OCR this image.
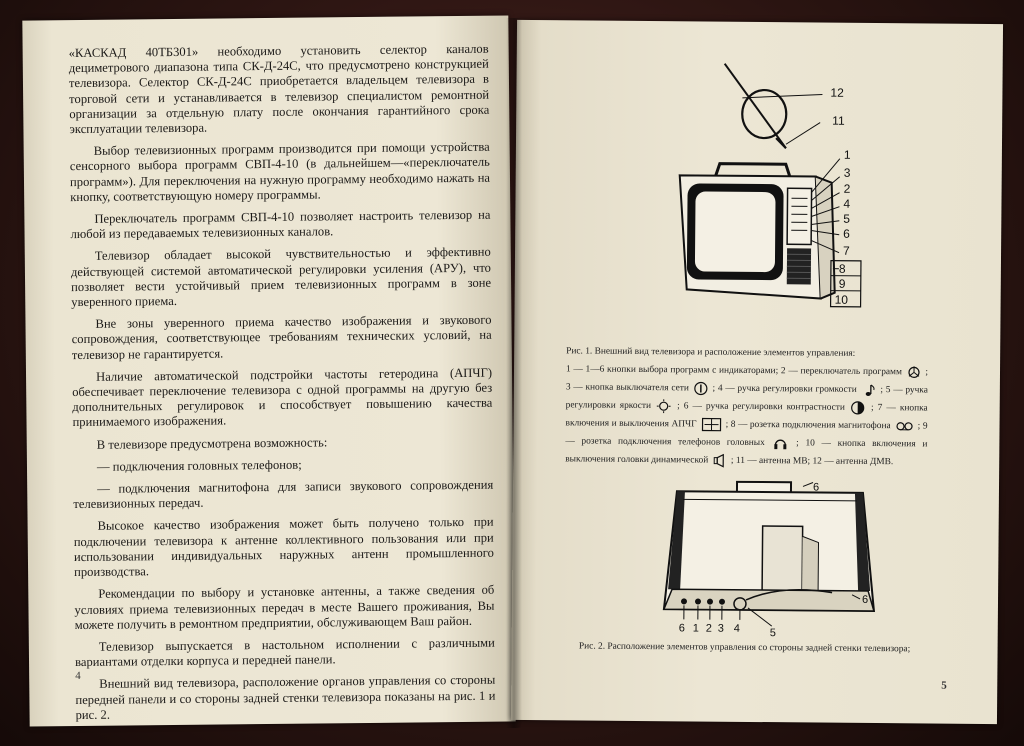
«КАСКАД 40ТБ301» необходимо установить селектор каналов дециметрового диапазона типа СК-Д-24С, что предусмотрено конструкцией телевизора. Селектор СК-Д-24С приобретается владельцем телевизора в торговой сети и устанавливается в телевизор специалистом ремонтной организации за отдельную плату после окончания гарантийного срока эксплуатации телевизора.

Выбор телевизионных программ производится при помощи устройства сенсорного выбора программ СВП-4-10 (в дальнейшем—«переключатель программ»). Для переключения на нужную программу необходимо нажать на кнопку, соответствующую номеру программы.

Переключатель программ СВП-4-10 позволяет настроить телевизор на любой из передаваемых телевизионных каналов.

Телевизор обладает высокой чувствительностью и эффективно действующей системой автоматической регулировки усиления (АРУ), что позволяет вести устойчивый прием телевизионных программ в зоне уверенного приема.

Вне зоны уверенного приема качество изображения и звукового сопровождения, соответствующее требованиям технических условий, на телевизор не гарантируется.

Наличие автоматической подстройки частоты гетеродина (АПЧГ) обеспечивает переключение телевизора с одной программы на другую без дополнительных регулировок и способствует повышению качества принимаемого изображения.

В телевизоре предусмотрена возможность:

— подключения головных телефонов;

— подключения магнитофона для записи звукового сопровождения телевизионных передач.

Высокое качество изображения может быть получено только при подключении телевизора к антенне коллективного пользования или при использовании индивидуальных наружных антенн промышленного производства.

Рекомендации по выбору и установке антенны, а также сведения об условиях приема телевизионных передач в месте Вашего проживания, Вы можете получить в ремонтном предприятии, обслуживающем Ваш район.

Телевизор выпускается в настольном исполнении с различными вариантами отделки корпуса и передней панели.

Внешний вид телевизора, расположение органов управления со стороны передней панели и со стороны задней стенки телевизора показаны на рис. 1 и рис. 2.

4
12
11
1
3
2
4
5
6
7
8
9
10
Рис. 1. Внешний вид телевизора и расположение элементов управления:
1 — 1—6 кнопки выбора программ с индикаторами; 2 — переключатель программ ; 3 — кнопка выключателя сети ; 4 — ручка регулировки громкости ; 5 — ручка регулировки яркости	; 6 — ручка регулировки контрастности	; 7 — кнопка включения и выключения АПЧГ	; 8 — розетка подключения магнитофона	; 9 — розетка подключения телефонов головных	; 10 — кнопка включения и выключения головки динамической ; 11 — антенна МВ; 12 — антенна ДМВ.
6
6
6 1 2 3 4	5
Рис. 2. Расположение элементов управления со стороны задней стенки телевизора;
5
